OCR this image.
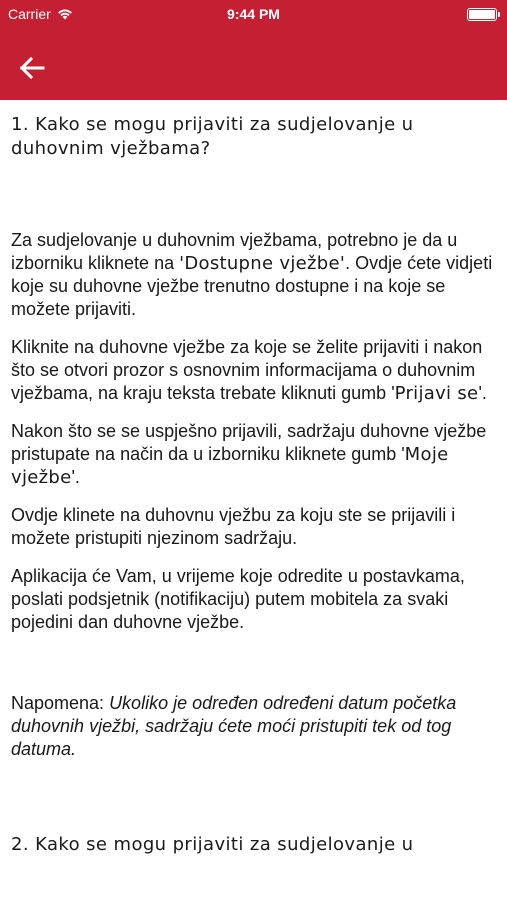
Carrier	9:44 PM
1. Kako se mogu prijaviti za sudjelovanje u duhovnim vježbama?

Za sudjelovanje u duhovnim vježbama, potrebno je da u izborniku kliknete na 'Dostupne vježbe'. Ovdje ćete vidjeti koje su duhovne vježbe trenutno dostupne i na koje se možete prijaviti.

Kliknite na duhovne vježbe za koje se želite prijaviti i nakon što se otvori prozor s osnovnim informacijama o duhovnim vježbama, na kraju teksta trebate kliknuti gumb 'Prijavi se'.

Nakon što se se uspješno prijavili, sadržaju duhovne vježbe pristupate na način da u izborniku kliknete gumb 'Moje vježbe'.

Ovdje klinete na duhovnu vježbu za koju ste se prijavili i možete pristupiti njezinom sadržaju.

Aplikacija će Vam, u vrijeme koje odredite u postavkama, poslati podsjetnik (notifikaciju) putem mobitela za svaki pojedini dan duhovne vježbe.

Napomena: Ukoliko je određen određeni datum početka duhovnih vježbi, sadržaju ćete moći pristupiti tek od tog datuma.

2. Kako se mogu prijaviti za sudjelovanje u
